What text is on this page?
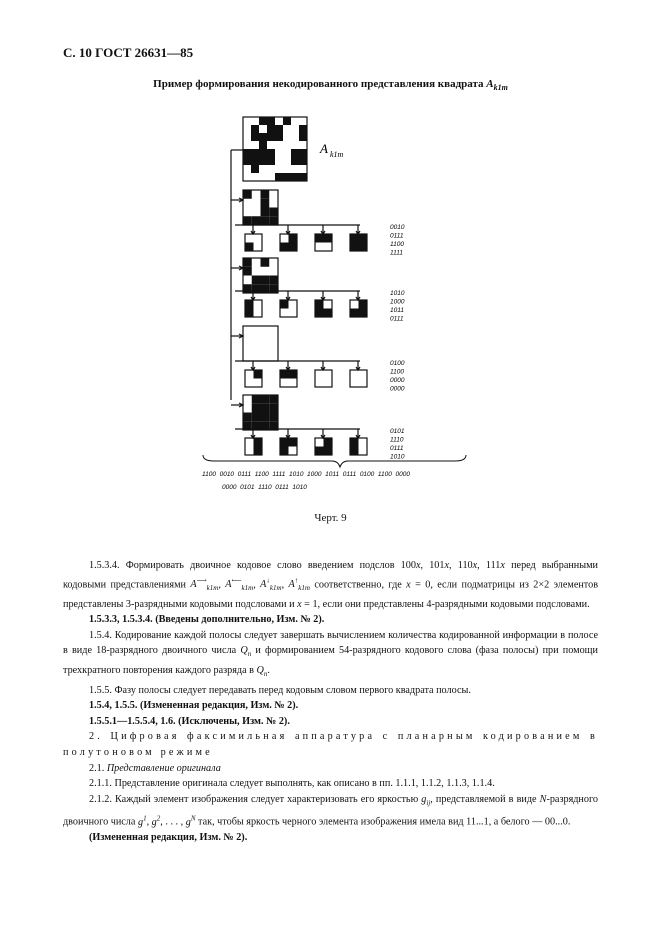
С. 10 ГОСТ 26631—85
Пример формирования некодированного представления квадрата $A_{k1m}$
A k1m
0010
0111
1100
1111
1010
1000
1011
0111
0100
1100
0000
0000
0101
1110
0111
1010
1100  0010  0111  1100  1111  1010  1000  1011  0111  0100  1100  0000
0000  0101  1110  0111  1010
Черт. 9

1.5.3.4. Формировать двоичное кодовое слово введением подслов 100x, 101x, 110x, 111x перед выбранными кодовыми представлениями $A^⟶_{k1m}$, $A^⟵_{k1m}$, $A^↓_{k1m}$, $A^↑_{k1m}$ соответственно, где x = 0, если подматрицы из 2×2 элементов представлены 3-разрядными кодовыми подсловами и x = 1, если они представлены 4-разрядными кодовыми подсловами.

1.5.3.3, 1.5.3.4. (Введены дополнительно, Изм. № 2).

1.5.4. Кодирование каждой полосы следует завершать вычислением количества кодированной информации в полосе в виде 18-разрядного двоичного числа $Q_n$ и формированием 54-разрядного кодового слова (фаза полосы) при помощи трехкратного повторения каждого разряда в $Q_n$.

1.5.5. Фазу полосы следует передавать перед кодовым словом первого квадрата полосы.

1.5.4, 1.5.5. (Измененная редакция, Изм. № 2).

1.5.5.1—1.5.5.4, 1.6. (Исключены, Изм. № 2).

2. Цифровая факсимильная аппаратура с планарным кодированием в полутоновом режиме

2.1. Представление оригинала

2.1.1. Представление оригинала следует выполнять, как описано в пп. 1.1.1, 1.1.2, 1.1.3, 1.1.4.

2.1.2. Каждый элемент изображения следует характеризовать его яркостью $g_{ij}$, представляемой в виде N-разрядного двоичного числа $g^1$, $g^2$, . . . , $g^N$ так, чтобы яркость черного элемента изображения имела вид 11...1, а белого — 00...0.

(Измененная редакция, Изм. № 2).
